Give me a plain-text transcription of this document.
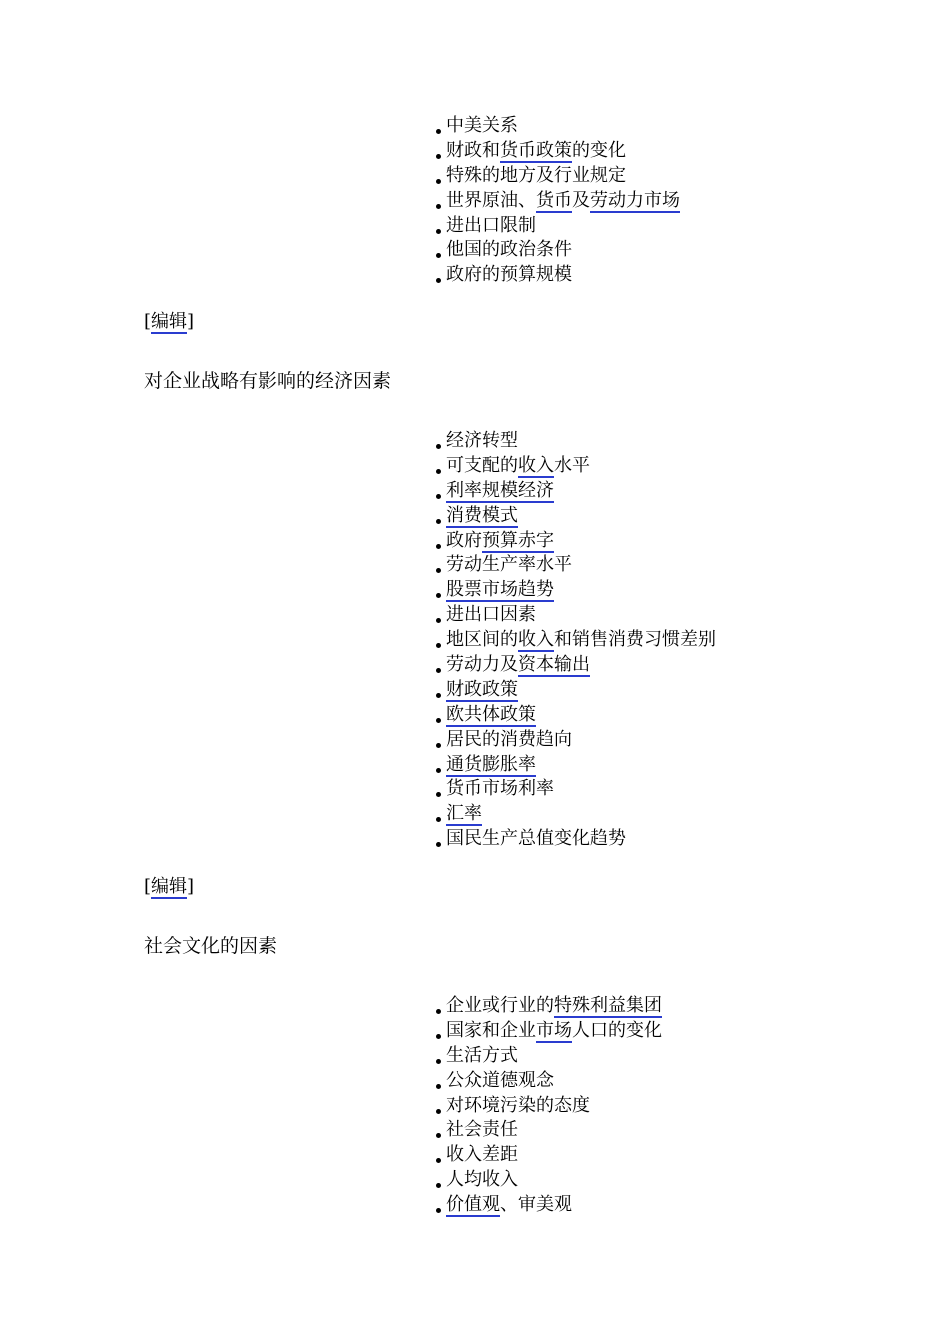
中美关系
财政和货币政策的变化
特殊的地方及行业规定
世界原油、货币及劳动力市场
进出口限制
他国的政治条件
政府的预算规模
[编辑]
对企业战略有影响的经济因素
经济转型
可支配的收入水平
利率规模经济
消费模式
政府预算赤字
劳动生产率水平
股票市场趋势
进出口因素
地区间的收入和销售消费习惯差别
劳动力及资本输出
财政政策
欧共体政策
居民的消费趋向
通货膨胀率
货币市场利率
汇率
国民生产总值变化趋势
[编辑]
社会文化的因素
企业或行业的特殊利益集团
国家和企业市场人口的变化
生活方式
公众道德观念
对环境污染的态度
社会责任
收入差距
人均收入
价值观、审美观
